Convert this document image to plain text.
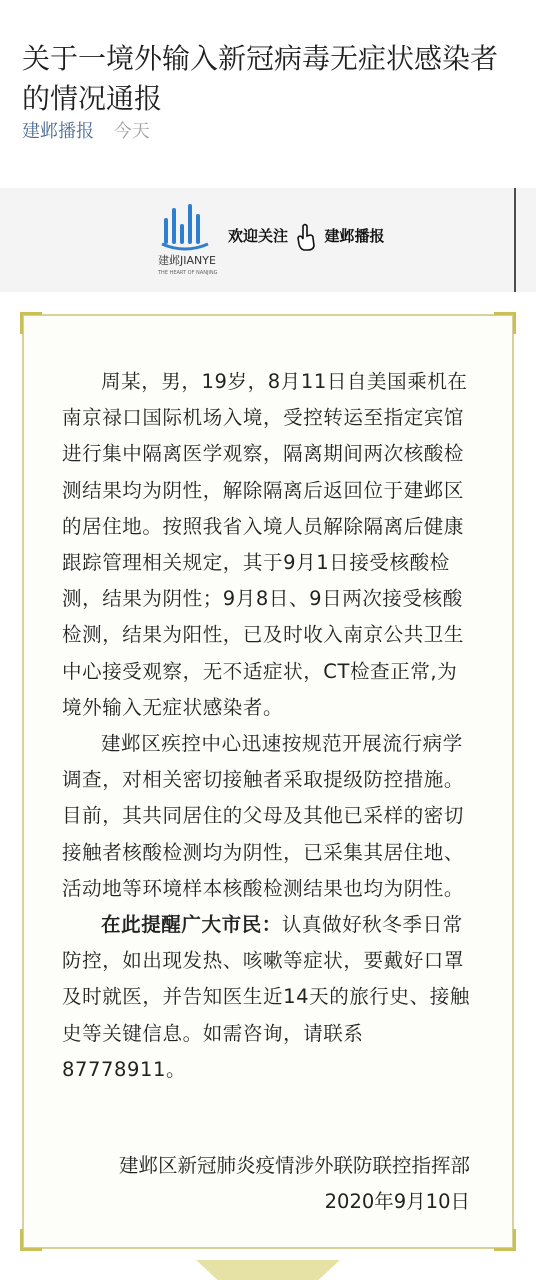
关于一境外输入新冠病毒无症状感染者的情况通报
建邺播报 今天
建邺JIANYE
THE HEART OF NANJING
欢迎关注 建邺播报

周某，男，19岁，8月11日自美国乘机在南京禄口国际机场入境，受控转运至指定宾馆进行集中隔离医学观察，隔离期间两次核酸检测结果均为阴性，解除隔离后返回位于建邺区的居住地。按照我省入境人员解除隔离后健康跟踪管理相关规定，其于9月1日接受核酸检测，结果为阴性；9月8日、9日两次接受核酸检测，结果为阳性，已及时收入南京公共卫生中心接受观察，无不适症状，CT检查正常,为境外输入无症状感染者。

建邺区疾控中心迅速按规范开展流行病学调查，对相关密切接触者采取提级防控措施。目前，其共同居住的父母及其他已采样的密切接触者核酸检测均为阴性，已采集其居住地、活动地等环境样本核酸检测结果也均为阴性。

在此提醒广大市民：认真做好秋冬季日常防控，如出现发热、咳嗽等症状，要戴好口罩及时就医，并告知医生近14天的旅行史、接触史等关键信息。如需咨询，请联系87778911。

建邺区新冠肺炎疫情涉外联防联控指挥部
2020年9月10日
